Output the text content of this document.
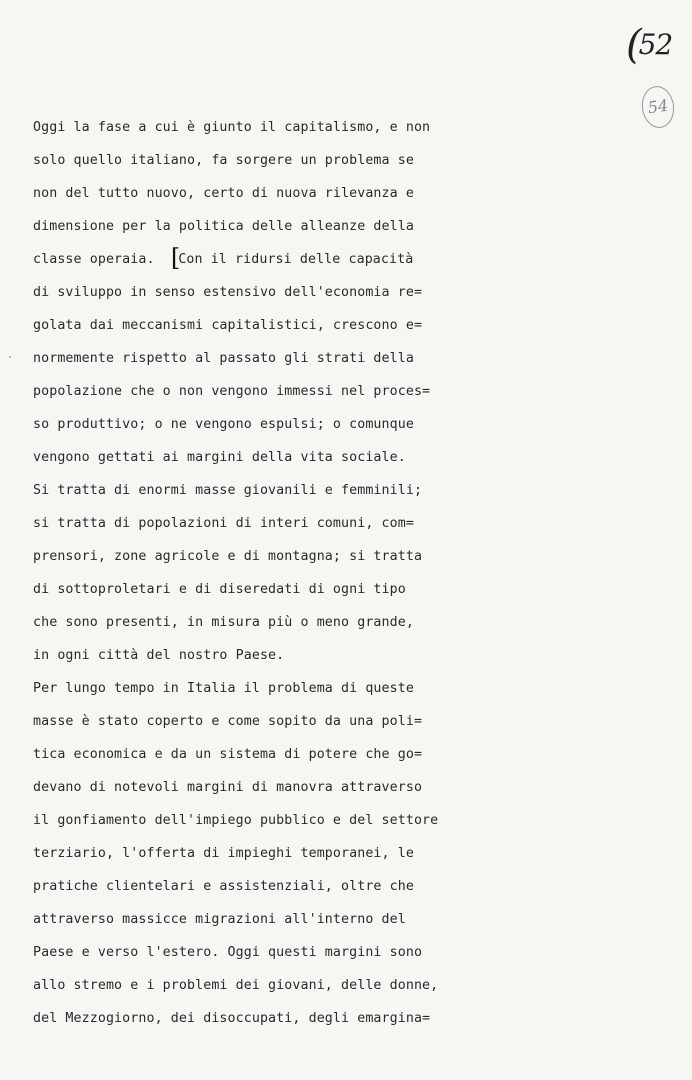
(52
54
Oggi la fase a cui è giunto il capitalismo, e non
solo quello italiano, fa sorgere un problema se
non del tutto nuovo, certo di nuova rilevanza e
dimensione per la politica delle alleanze della
classe operaia. [Con il ridursi delle capacità
di sviluppo in senso estensivo dell'economia re=
golata dai meccanismi capitalistici, crescono e=
normemente rispetto al passato gli strati della
popolazione che o non vengono immessi nel proces=
so produttivo; o ne vengono espulsi; o comunque
vengono gettati ai margini della vita sociale.
Si tratta di enormi masse giovanili e femminili;
si tratta di popolazioni di interi comuni, com=
prensori, zone agricole e di montagna; si tratta
di sottoproletari e di diseredati di ogni tipo
che sono presenti, in misura più o meno grande,
in ogni città del nostro Paese.
Per lungo tempo in Italia il problema di queste
masse è stato coperto e come sopito da una poli=
tica economica e da un sistema di potere che go=
devano di notevoli margini di manovra attraverso
il gonfiamento dell'impiego pubblico e del settore
terziario, l'offerta di impieghi temporanei, le
pratiche clientelari e assistenziali, oltre che
attraverso massicce migrazioni all'interno del
Paese e verso l'estero. Oggi questi margini sono
allo stremo e i problemi dei giovani, delle donne,
del Mezzogiorno, dei disoccupati, degli emargina=
